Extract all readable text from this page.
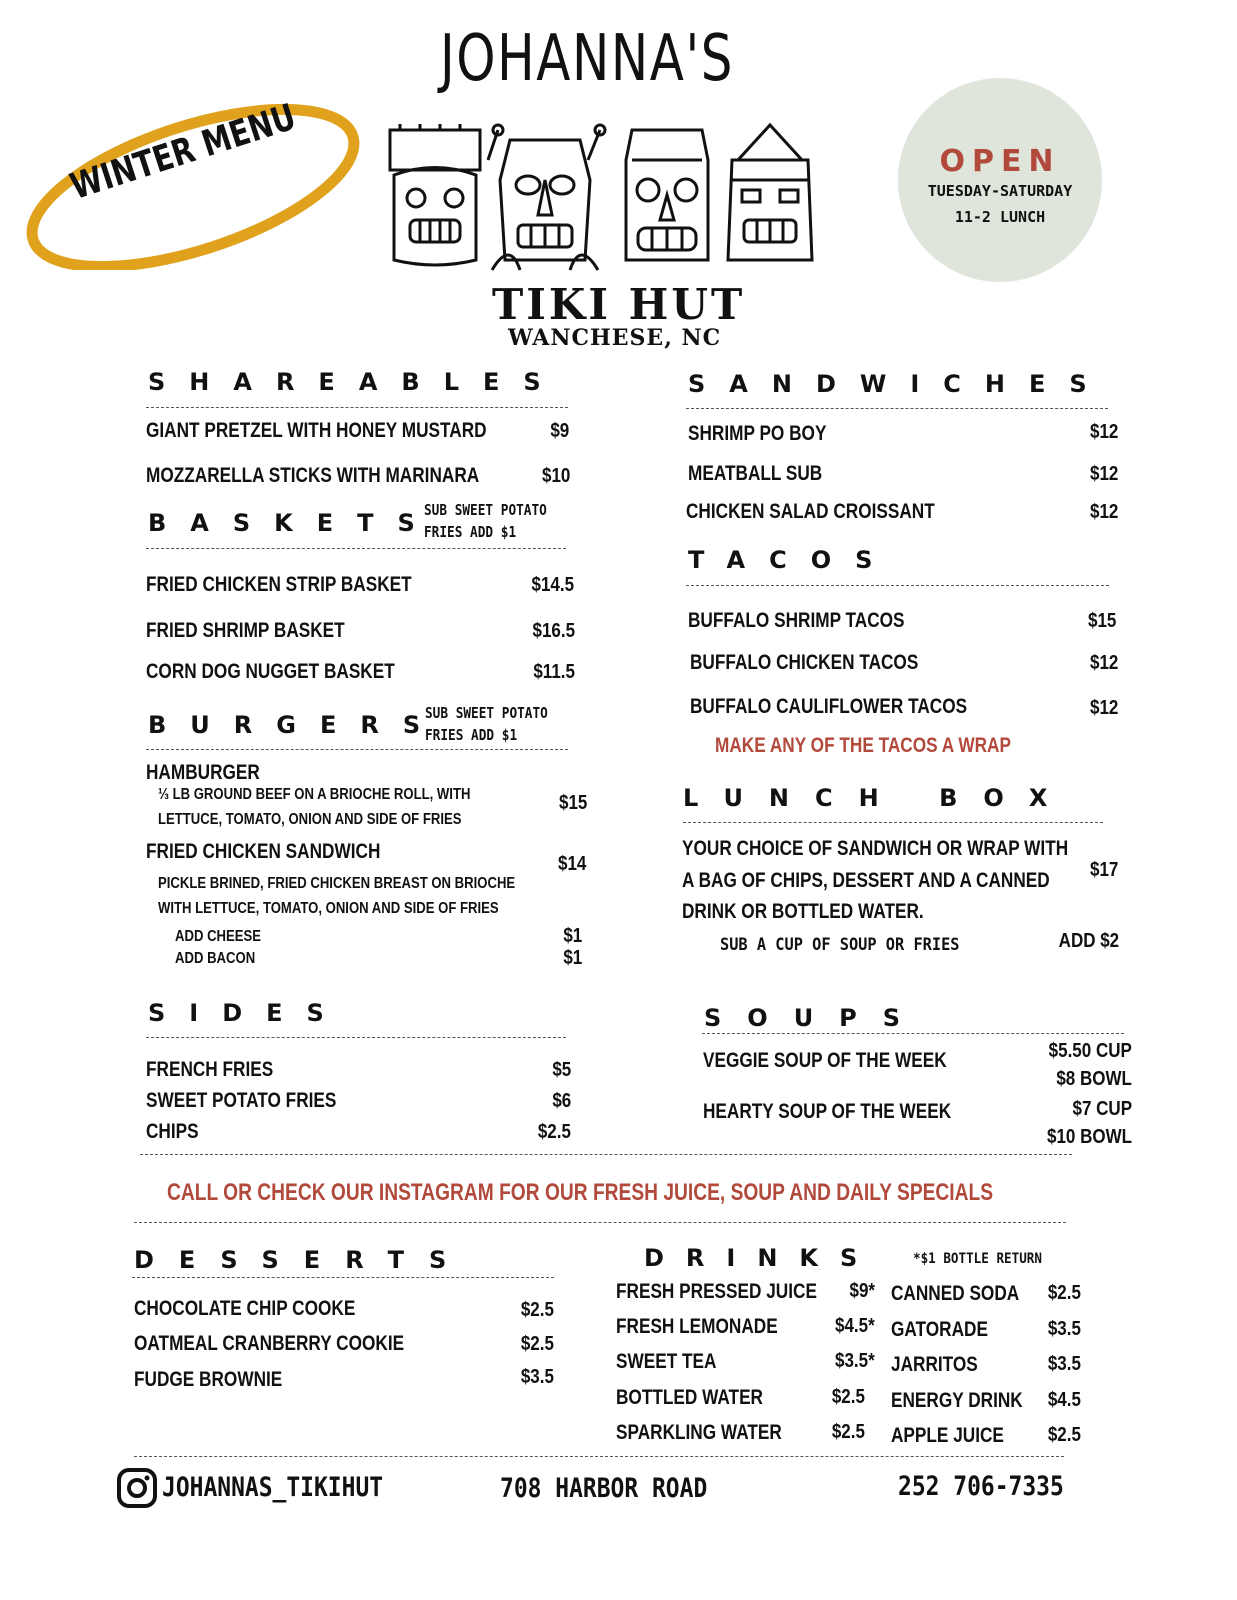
JOHANNA'S
WINTER MENU
TIKI HUT
WANCHESE, NC
OPEN
TUESDAY-SATURDAY
11-2 LUNCH
SHAREABLES
GIANT PRETZEL WITH HONEY MUSTARD	$9
MOZZARELLA STICKS WITH MARINARA	$10
BASKETS
SUB SWEET POTATO
FRIES ADD $1
FRIED CHICKEN STRIP BASKET	$14.5
FRIED SHRIMP BASKET	$16.5
CORN DOG NUGGET BASKET	$11.5
BURGERS
SUB SWEET POTATO
FRIES ADD $1
HAMBURGER
⅓ LB GROUND BEEF ON A BRIOCHE ROLL, WITH
LETTUCE, TOMATO, ONION AND SIDE OF FRIES
$15
FRIED CHICKEN SANDWICH
$14
PICKLE BRINED, FRIED CHICKEN BREAST ON BRIOCHE
WITH LETTUCE, TOMATO, ONION AND SIDE OF FRIES
ADD CHEESE	$1
ADD BACON	$1
SIDES
FRENCH FRIES	$5
SWEET POTATO FRIES	$6
CHIPS	$2.5
SANDWICHES
SHRIMP PO BOY	$12
MEATBALL SUB	$12
CHICKEN SALAD CROISSANT	$12
TACOS
BUFFALO SHRIMP TACOS	$15
BUFFALO CHICKEN TACOS	$12
BUFFALO CAULIFLOWER TACOS	$12
MAKE ANY OF THE TACOS A WRAP
LUNCH BOX
YOUR CHOICE OF SANDWICH OR WRAP WITH
A BAG OF CHIPS, DESSERT AND A CANNED
DRINK OR BOTTLED WATER.
$17
SUB A CUP OF SOUP OR FRIES	ADD $2
SOUPS
VEGGIE SOUP OF THE WEEK	$5.50 CUP
$8 BOWL
HEARTY SOUP OF THE WEEK	$7 CUP
$10 BOWL
CALL OR CHECK OUR INSTAGRAM FOR OUR FRESH JUICE, SOUP AND DAILY SPECIALS
DESSERTS
CHOCOLATE CHIP COOKE	$2.5
OATMEAL CRANBERRY COOKIE	$2.5
FUDGE BROWNIE	$3.5
DRINKS *$1 BOTTLE RETURN
FRESH PRESSED JUICE $9*
FRESH LEMONADE	$4.5*
SWEET TEA	$3.5*
BOTTLED WATER	$2.5
SPARKLING WATER	$2.5
CANNED SODA $2.5
GATORADE	$3.5
JARRITOS	$3.5
ENERGY DRINK $4.5
APPLE JUICE $2.5
JOHANNAS_TIKIHUT	708 HARBOR ROAD	252 706-7335
